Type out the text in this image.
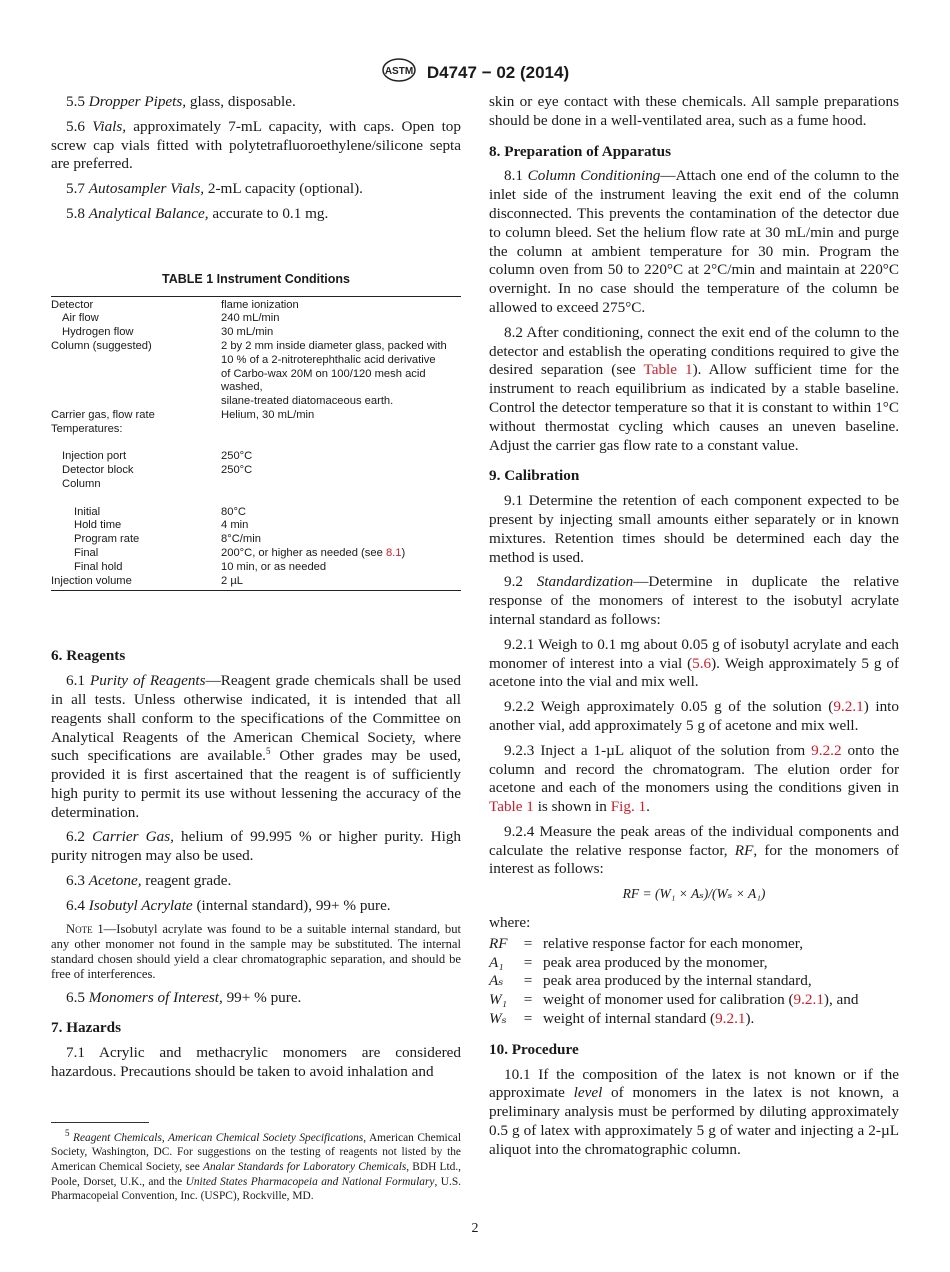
ASTM D4747 − 02 (2014)

5.5 Dropper Pipets, glass, disposable.

5.6 Vials, approximately 7-mL capacity, with caps. Open top screw cap vials fitted with polytetrafluoroethylene/silicone septa are preferred.

5.7 Autosampler Vials, 2-mL capacity (optional).

5.8 Analytical Balance, accurate to 0.1 mg.

TABLE 1 Instrument Conditions
Detector	flame ionization
Air flow	240 mL/min
Hydrogen flow	30 mL/min
Column (suggested)	2 by 2 mm inside diameter glass, packed with
	10 % of a 2-nitroterephthalic acid derivative
	of Carbo-wax 20M on 100/120 mesh acid washed,
	silane-treated diatomaceous earth.
Carrier gas, flow rate	Helium, 30 mL/min
Temperatures:	

Injection port	250°C
Detector block	250°C
Column	

Initial	80°C
Hold time	4 min
Program rate	8°C/min
Final	200°C, or higher as needed (see 8.1)
Final hold	10 min, or as needed
Injection volume	2 µL
6. Reagents

6.1 Purity of Reagents—Reagent grade chemicals shall be used in all tests. Unless otherwise indicated, it is intended that all reagents shall conform to the specifications of the Committee on Analytical Reagents of the American Chemical Society, where such specifications are available.$^5$ Other grades may be used, provided it is first ascertained that the reagent is of sufficiently high purity to permit its use without lessening the accuracy of the determination.

6.2 Carrier Gas, helium of 99.995 % or higher purity. High purity nitrogen may also be used.

6.3 Acetone, reagent grade.

6.4 Isobutyl Acrylate (internal standard), 99+ % pure.

Note 1—Isobutyl acrylate was found to be a suitable internal standard, but any other monomer not found in the sample may be substituted. The internal standard chosen should yield a clear chromatographic separation, and should be free of interferences.

6.5 Monomers of Interest, 99+ % pure.

7. Hazards

7.1 Acrylic and methacrylic monomers are considered hazardous. Precautions should be taken to avoid inhalation and

$^5$ Reagent Chemicals, American Chemical Society Specifications, American Chemical Society, Washington, DC. For suggestions on the testing of reagents not listed by the American Chemical Society, see Analar Standards for Laboratory Chemicals, BDH Ltd., Poole, Dorset, U.K., and the United States Pharmacopeia and National Formulary, U.S. Pharmacopeial Convention, Inc. (USPC), Rockville, MD.

skin or eye contact with these chemicals. All sample preparations should be done in a well-ventilated area, such as a fume hood.

8. Preparation of Apparatus

8.1 Column Conditioning—Attach one end of the column to the inlet side of the instrument leaving the exit end of the column disconnected. This prevents the contamination of the detector due to column bleed. Set the helium flow rate at 30 mL/min and purge the column at ambient temperature for 30 min. Program the column oven from 50 to 220°C at 2°C/min and maintain at 220°C overnight. In no case should the temperature of the column be allowed to exceed 275°C.

8.2 After conditioning, connect the exit end of the column to the detector and establish the operating conditions required to give the desired separation (see Table 1). Allow sufficient time for the instrument to reach equilibrium as indicated by a stable baseline. Control the detector temperature so that it is constant to within 1°C without thermostat cycling which causes an uneven baseline. Adjust the carrier gas flow rate to a constant value.

9. Calibration

9.1 Determine the retention of each component expected to be present by injecting small amounts either separately or in known mixtures. Retention times should be determined each day the method is used.

9.2 Standardization—Determine in duplicate the relative response of the monomers of interest to the isobutyl acrylate internal standard as follows:

9.2.1 Weigh to 0.1 mg about 0.05 g of isobutyl acrylate and each monomer of interest into a vial (5.6). Weigh approximately 5 g of acetone into the vial and mix well.

9.2.2 Weigh approximately 0.05 g of the solution (9.2.1) into another vial, add approximately 5 g of acetone and mix well.

9.2.3 Inject a 1-µL aliquot of the solution from 9.2.2 onto the column and record the chromatogram. The elution order for acetone and each of the monomers using the conditions given in Table 1 is shown in Fig. 1.

9.2.4 Measure the peak areas of the individual components and calculate the relative response factor, RF, for the monomers of interest as follows:

RF = (W₁ × Aₛ)/(Wₛ × A₁)

where:

RF	= relative response factor for each monomer,
A₁	= peak area produced by the monomer,
Aₛ	= peak area produced by the internal standard,
W₁	= weight of monomer used for calibration (9.2.1), and
Wₛ	= weight of internal standard (9.2.1).
10. Procedure

10.1 If the composition of the latex is not known or if the approximate level of monomers in the latex is not known, a preliminary analysis must be performed by diluting approximately 0.5 g of latex with approximately 5 g of water and injecting a 2-µL aliquot into the chromatographic column.

2
